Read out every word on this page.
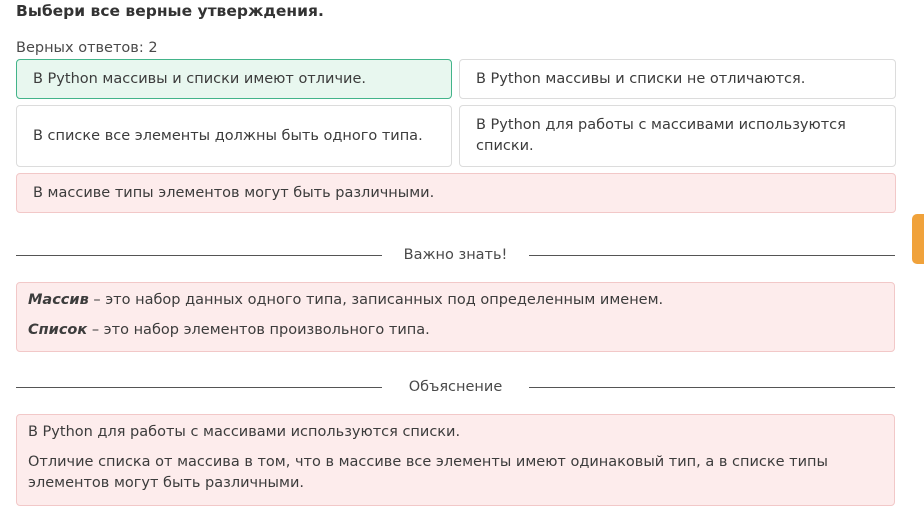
Выбери все верные утверждения.
Верных ответов: 2
В Python массивы и списки имеют отличие.	В Python массивы и списки не отличаются.
В списке все элементы должны быть одного типа.
В Python для работы с массивами используются списки.
В массиве типы элементов могут быть различными.
Важно знать!

Массив – это набор данных одного типа, записанных под определенным именем.

Список – это набор элементов произвольного типа.

Объяснение

В Python для работы с массивами используются списки.

Отличие списка от массива в том, что в массиве все элементы имеют одинаковый тип, а в списке типы элементов могут быть различными.
